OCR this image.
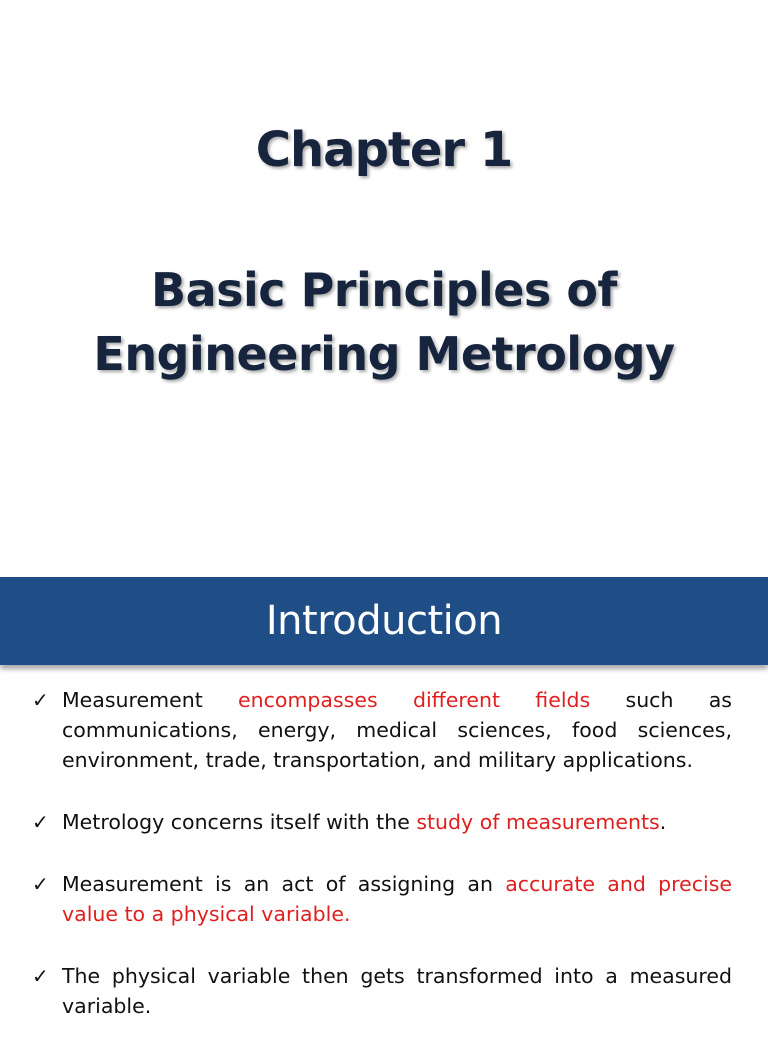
Chapter 1
Basic Principles of
Engineering Metrology
Introduction
✓ Measurement encompasses different fields such as communications, energy, medical sciences, food sciences, environment, trade, transportation, and military applications.
✓ Metrology concerns itself with the study of measurements.
✓ Measurement is an act of assigning an accurate and precise value to a physical variable.
✓ The physical variable then gets transformed into a measured variable.
